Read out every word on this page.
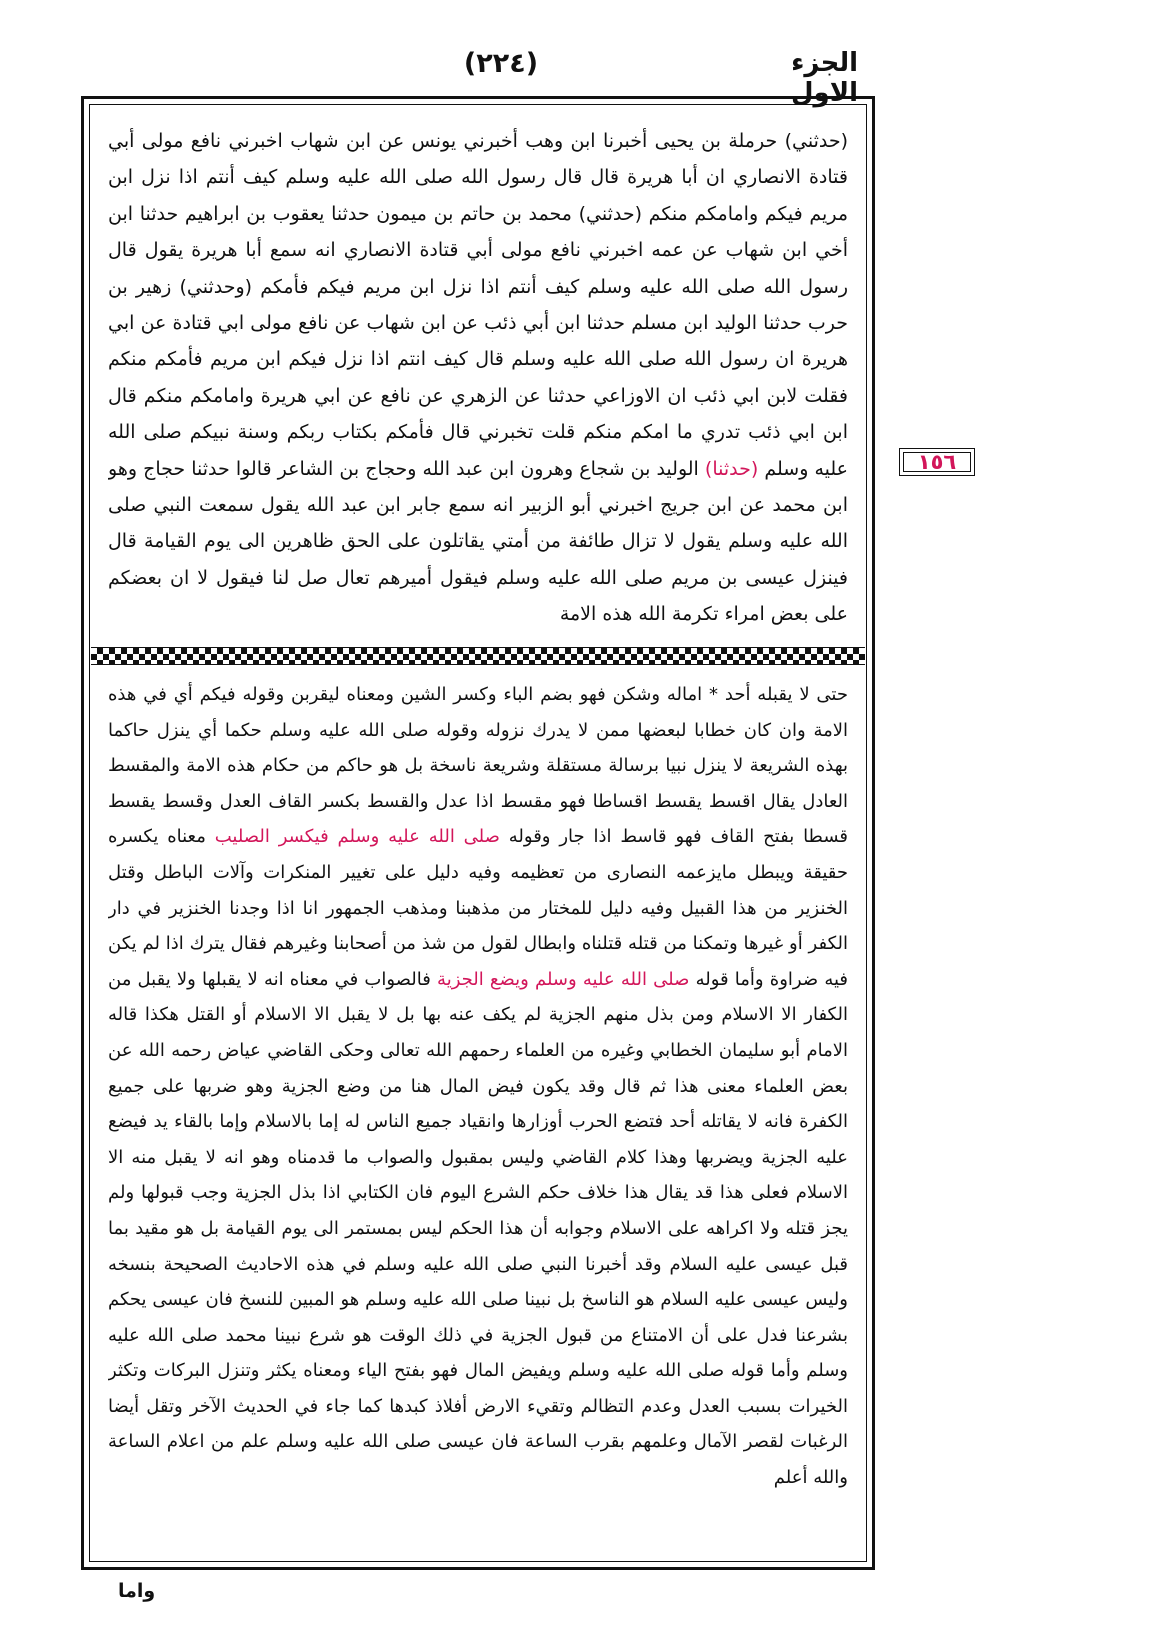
(٢٢٤)	الجزء الاول

(حدثني) حرملة بن يحيى أخبرنا ابن وهب أخبرني يونس عن ابن شهاب اخبرني نافع مولى أبي قتادة الانصاري ان أبا هريرة قال قال رسول الله صلى الله عليه وسلم كيف أنتم اذا نزل ابن مريم فيكم وامامكم منكم (حدثني) محمد بن حاتم بن ميمون حدثنا يعقوب بن ابراهيم حدثنا ابن أخي ابن شهاب عن عمه اخبرني نافع مولى أبي قتادة الانصاري انه سمع أبا هريرة يقول قال رسول الله صلى الله عليه وسلم كيف أنتم اذا نزل ابن مريم فيكم فأمكم (وحدثني) زهير بن حرب حدثنا الوليد ابن مسلم حدثنا ابن أبي ذئب عن ابن شهاب عن نافع مولى ابي قتادة عن ابي هريرة ان رسول الله صلى الله عليه وسلم قال كيف انتم اذا نزل فيكم ابن مريم فأمكم منكم فقلت لابن ابي ذئب ان الاوزاعي حدثنا عن الزهري عن نافع عن ابي هريرة وامامكم منكم قال ابن ابي ذئب تدري ما امكم منكم قلت تخبرني قال فأمكم بكتاب ربكم وسنة نبيكم صلى الله عليه وسلم (حدثنا) الوليد بن شجاع وهرون ابن عبد الله وحجاج بن الشاعر قالوا حدثنا حجاج وهو ابن محمد عن ابن جريج اخبرني أبو الزبير انه سمع جابر ابن عبد الله يقول سمعت النبي صلى الله عليه وسلم يقول لا تزال طائفة من أمتي يقاتلون على الحق ظاهرين الى يوم القيامة قال فينزل عيسى بن مريم صلى الله عليه وسلم فيقول أميرهم تعال صل لنا فيقول لا ان بعضكم على بعض امراء تكرمة الله هذه الامة

حتى لا يقبله أحد * اماله وشكن فهو بضم الباء وكسر الشين ومعناه ليقربن وقوله فيكم أي في هذه الامة وان كان خطابا لبعضها ممن لا يدرك نزوله وقوله صلى الله عليه وسلم حكما أي ينزل حاكما بهذه الشريعة لا ينزل نبيا برسالة مستقلة وشريعة ناسخة بل هو حاكم من حكام هذه الامة والمقسط العادل يقال اقسط يقسط اقساطا فهو مقسط اذا عدل والقسط بكسر القاف العدل وقسط يقسط قسطا بفتح القاف فهو قاسط اذا جار وقوله صلى الله عليه وسلم فيكسر الصليب معناه يكسره حقيقة ويبطل مايزعمه النصارى من تعظيمه وفيه دليل على تغيير المنكرات وآلات الباطل وقتل الخنزير من هذا القبيل وفيه دليل للمختار من مذهبنا ومذهب الجمهور انا اذا وجدنا الخنزير في دار الكفر أو غيرها وتمكنا من قتله قتلناه وابطال لقول من شذ من أصحابنا وغيرهم فقال يترك اذا لم يكن فيه ضراوة وأما قوله صلى الله عليه وسلم ويضع الجزية فالصواب في معناه انه لا يقبلها ولا يقبل من الكفار الا الاسلام ومن بذل منهم الجزية لم يكف عنه بها بل لا يقبل الا الاسلام أو القتل هكذا قاله الامام أبو سليمان الخطابي وغيره من العلماء رحمهم الله تعالى وحكى القاضي عياض رحمه الله عن بعض العلماء معنى هذا ثم قال وقد يكون فيض المال هنا من وضع الجزية وهو ضربها على جميع الكفرة فانه لا يقاتله أحد فتضع الحرب أوزارها وانقياد جميع الناس له إما بالاسلام وإما بالقاء يد فيضع عليه الجزية ويضربها وهذا كلام القاضي وليس بمقبول والصواب ما قدمناه وهو انه لا يقبل منه الا الاسلام فعلى هذا قد يقال هذا خلاف حكم الشرع اليوم فان الكتابي اذا بذل الجزية وجب قبولها ولم يجز قتله ولا اكراهه على الاسلام وجوابه أن هذا الحكم ليس بمستمر الى يوم القيامة بل هو مقيد بما قبل عيسى عليه السلام وقد أخبرنا النبي صلى الله عليه وسلم في هذه الاحاديث الصحيحة بنسخه وليس عيسى عليه السلام هو الناسخ بل نبينا صلى الله عليه وسلم هو المبين للنسخ فان عيسى يحكم بشرعنا فدل على أن الامتناع من قبول الجزية في ذلك الوقت هو شرع نبينا محمد صلى الله عليه وسلم وأما قوله صلى الله عليه وسلم ويفيض المال فهو بفتح الياء ومعناه يكثر وتنزل البركات وتكثر الخيرات بسبب العدل وعدم التظالم وتقيء الارض أفلاذ كبدها كما جاء في الحديث الآخر وتقل أيضا الرغبات لقصر الآمال وعلمهم بقرب الساعة فان عيسى صلى الله عليه وسلم علم من اعلام الساعة والله أعلم

١٥٦
واما
